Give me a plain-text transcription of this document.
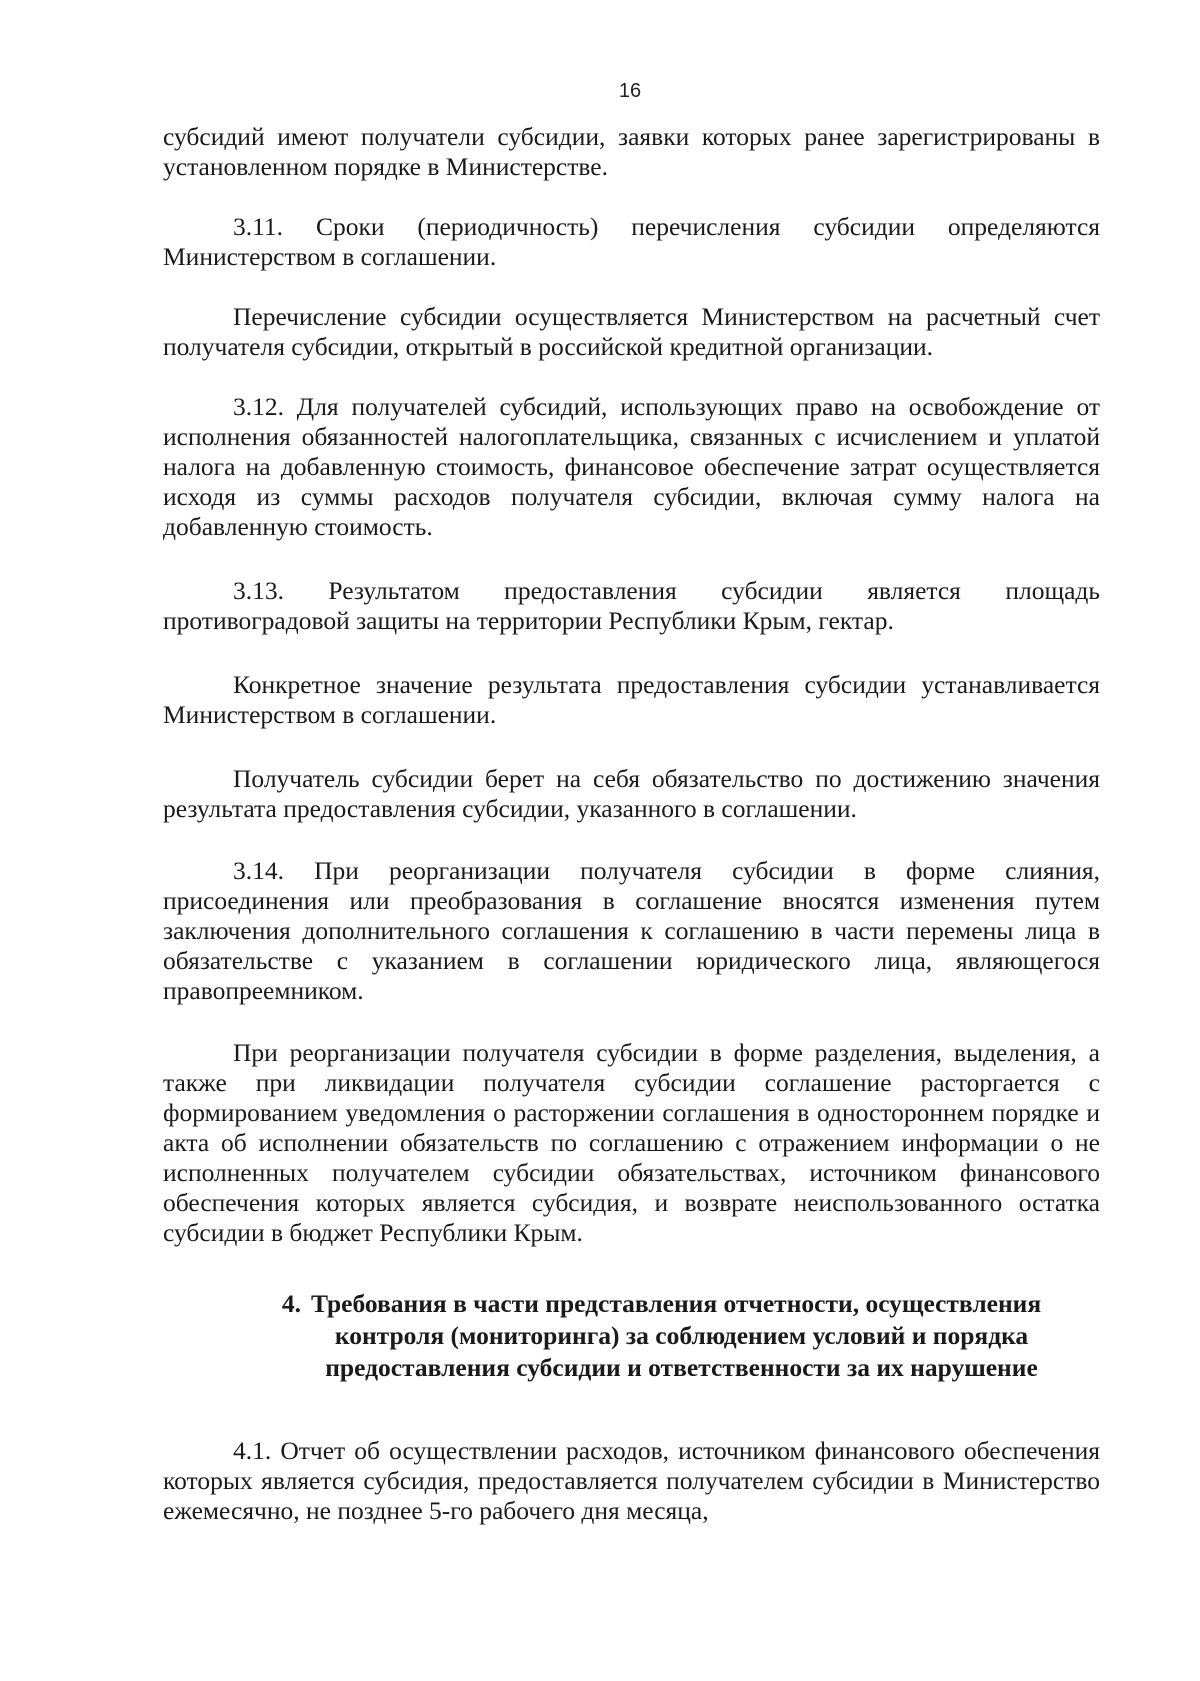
16

субсидий имеют получатели субсидии, заявки которых ранее зарегистрированы в установленном порядке в Министерстве.

3.11. Сроки (периодичность) перечисления субсидии определяются Министерством в соглашении.

Перечисление субсидии осуществляется Министерством на расчетный счет получателя субсидии, открытый в российской кредитной организации.

3.12. Для получателей субсидий, использующих право на освобождение от исполнения обязанностей налогоплательщика, связанных с исчислением и уплатой налога на добавленную стоимость, финансовое обеспечение затрат осуществляется исходя из суммы расходов получателя субсидии, включая сумму налога на добавленную стоимость.

3.13. Результатом предоставления субсидии является площадь противоградовой защиты на территории Республики Крым, гектар.

Конкретное значение результата предоставления субсидии устанавливается Министерством в соглашении.

Получатель субсидии берет на себя обязательство по достижению значения результата предоставления субсидии, указанного в соглашении.

3.14. При реорганизации получателя субсидии в форме слияния, присоединения или преобразования в соглашение вносятся изменения путем заключения дополнительного соглашения к соглашению в части перемены лица в обязательстве с указанием в соглашении юридического лица, являющегося правопреемником.

При реорганизации получателя субсидии в форме разделения, выделения, а также при ликвидации получателя субсидии соглашение расторгается с формированием уведомления о расторжении соглашения в одностороннем порядке и акта об исполнении обязательств по соглашению с отражением информации о не исполненных получателем субсидии обязательствах, источником финансового обеспечения которых является субсидия, и возврате неиспользованного остатка субсидии в бюджет Республики Крым.

4. Требования в части представления отчетности, осуществления

контроля (мониторинга) за соблюдением условий и порядка

предоставления субсидии и ответственности за их нарушение

4.1. Отчет об осуществлении расходов, источником финансового обеспечения которых является субсидия, предоставляется получателем субсидии в Министерство ежемесячно, не позднее 5-го рабочего дня месяца,
